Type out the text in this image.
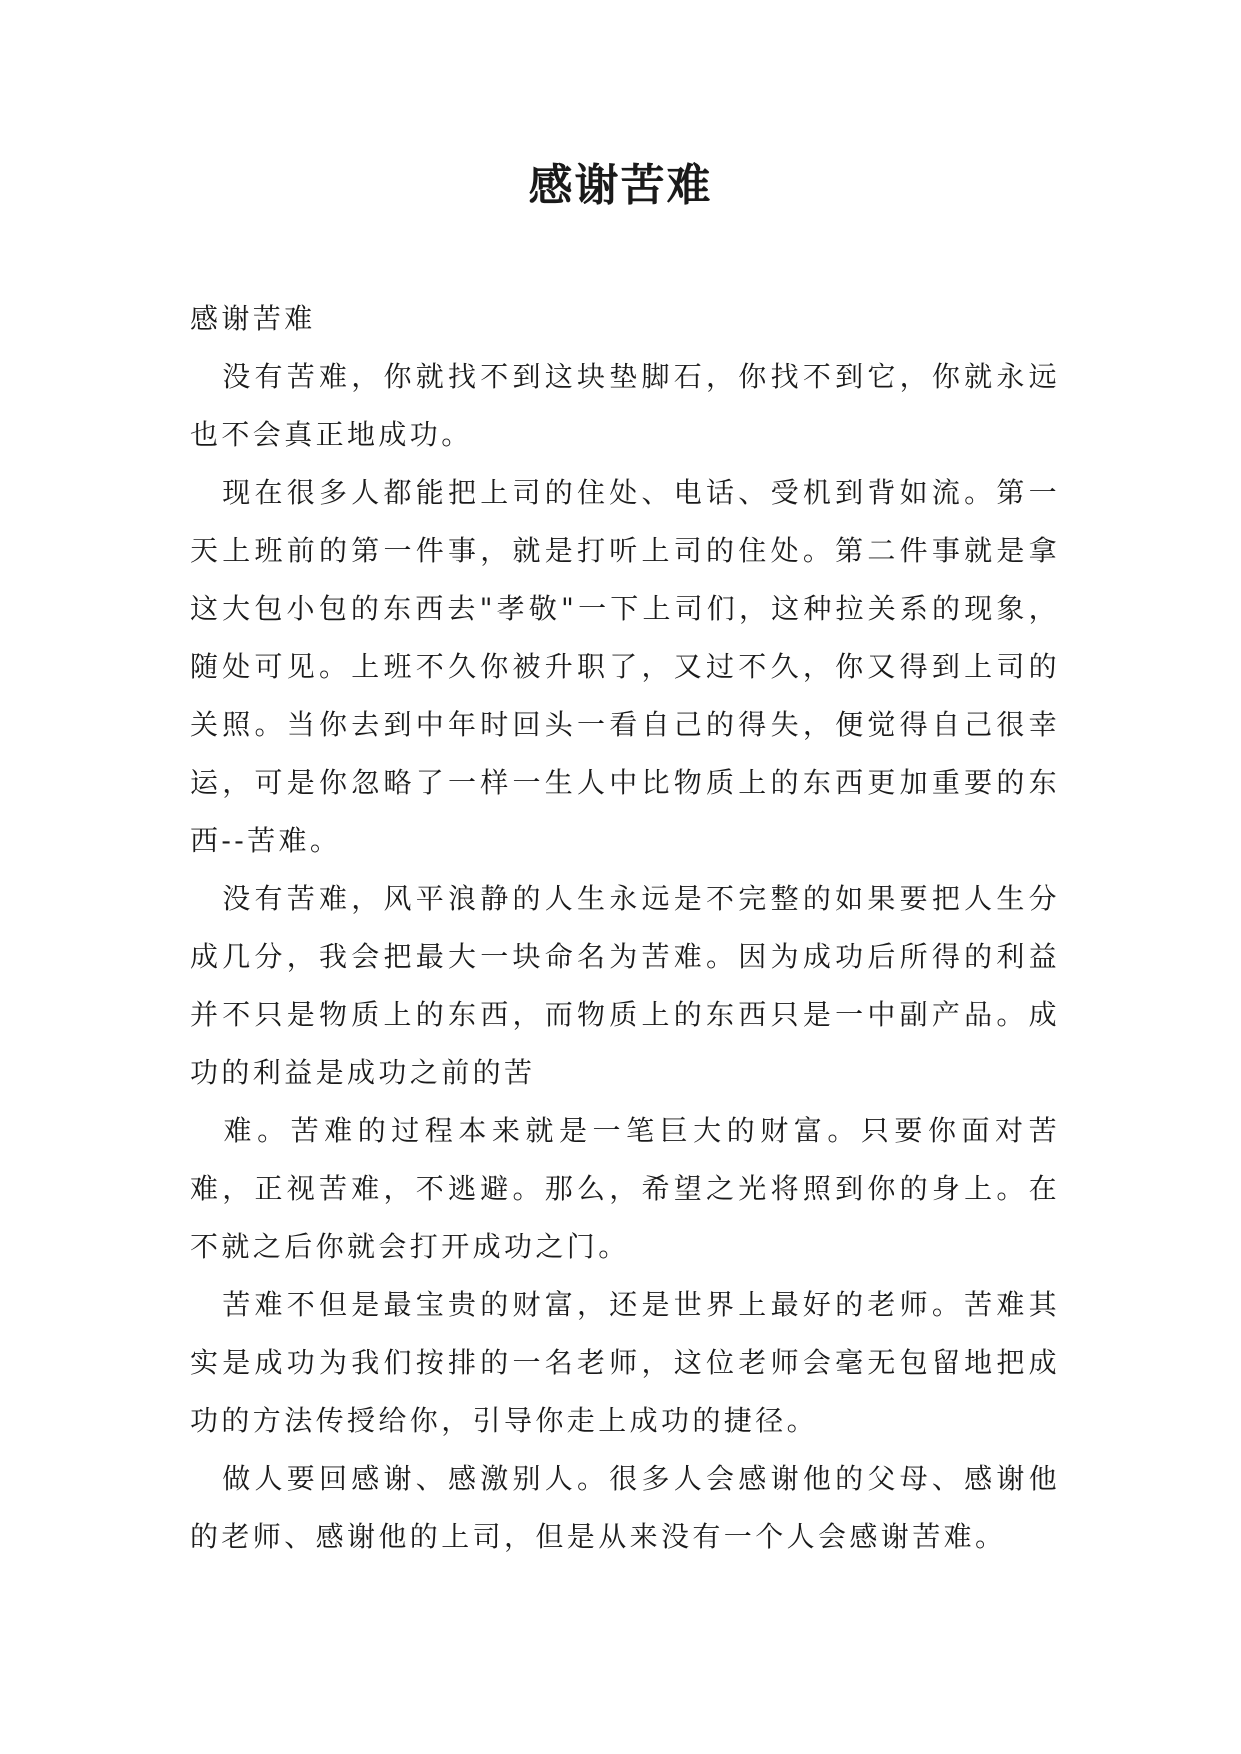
感谢苦难

感谢苦难

　没有苦难，你就找不到这块垫脚石，你找不到它，你就永远也不会真正地成功。

　现在很多人都能把上司的住处、电话、受机到背如流。第一天上班前的第一件事，就是打听上司的住处。第二件事就是拿这大包小包的东西去"孝敬"一下上司们，这种拉关系的现象，随处可见。上班不久你被升职了，又过不久，你又得到上司的关照。当你去到中年时回头一看自己的得失，便觉得自己很幸运，可是你忽略了一样一生人中比物质上的东西更加重要的东西--苦难。

　没有苦难，风平浪静的人生永远是不完整的如果要把人生分成几分，我会把最大一块命名为苦难。因为成功后所得的利益并不只是物质上的东西，而物质上的东西只是一中副产品。成功的利益是成功之前的苦

　难。苦难的过程本来就是一笔巨大的财富。只要你面对苦难，正视苦难，不逃避。那么，希望之光将照到你的身上。在不就之后你就会打开成功之门。

　苦难不但是最宝贵的财富，还是世界上最好的老师。苦难其实是成功为我们按排的一名老师，这位老师会毫无包留地把成功的方法传授给你，引导你走上成功的捷径。

　做人要回感谢、感激别人。很多人会感谢他的父母、感谢他的老师、感谢他的上司，但是从来没有一个人会感谢苦难。
